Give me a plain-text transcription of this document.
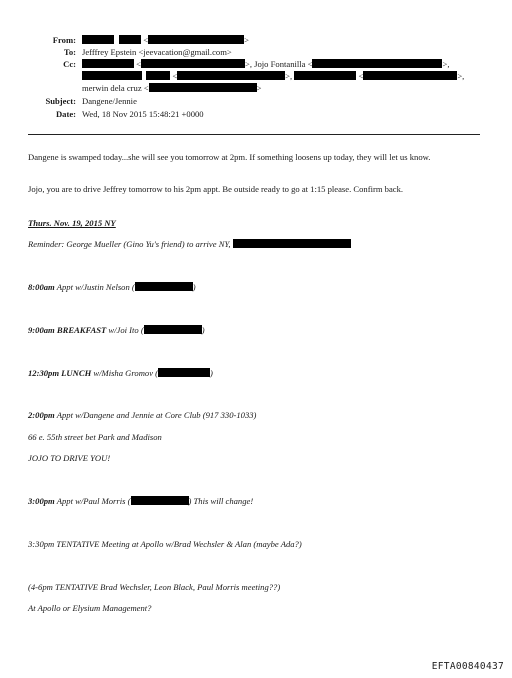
From:	<	>
To: Jefffrey Epstein <jeevacation@gmail.com>
Cc:	<	>, Jojo Fontanilla <	>,
<	>,	<	>,
merwin dela cruz <	>
Subject: Dangene/Jennie
Date: Wed, 18 Nov 2015 15:48:21 +0000
Dangene is swamped today...she will see you tomorrow at 2pm. If something loosens up today, they will let us know.
Jojo, you are to drive Jeffrey tomorrow to his 2pm appt. Be outside ready to go at 1:15 please. Confirm back.
Thurs. Nov. 19, 2015 NY
Reminder: George Mueller (Gino Yu's friend) to arrive NY,
8:00am Appt w/Justin Nelson (	)
9:00am BREAKFAST w/Joi Ito (	)
12:30pm LUNCH w/Misha Gromov (	)
2:00pm Appt w/Dangene and Jennie at Core Club (917 330-1033)
66 e. 55th street bet Park and Madison
JOJO TO DRIVE YOU!
3:00pm Appt w/Paul Morris (	) This will change!
3:30pm TENTATIVE Meeting at Apollo w/Brad Wechsler & Alan (maybe Ada?)
(4-6pm TENTATIVE Brad Wechsler, Leon Black, Paul Morris meeting??)
At Apollo or Elysium Management?
EFTA00840437
